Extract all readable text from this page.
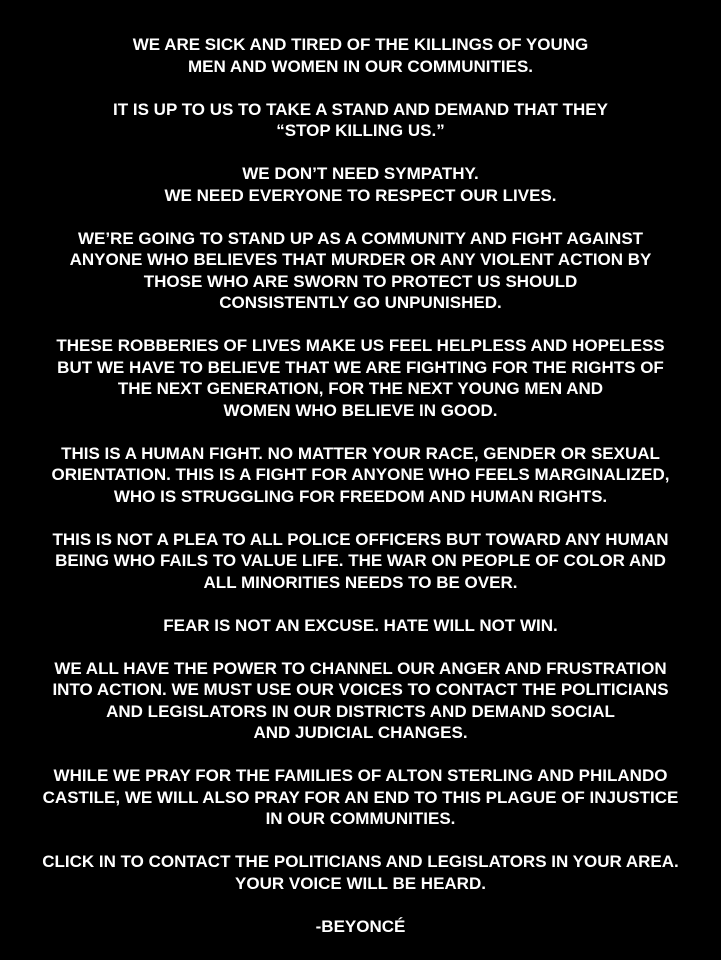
WE ARE SICK AND TIRED OF THE KILLINGS OF YOUNG
MEN AND WOMEN IN OUR COMMUNITIES.
IT IS UP TO US TO TAKE A STAND AND DEMAND THAT THEY
“STOP KILLING US.”
WE DON’T NEED SYMPATHY.
WE NEED EVERYONE TO RESPECT OUR LIVES.
WE’RE GOING TO STAND UP AS A COMMUNITY AND FIGHT AGAINST
ANYONE WHO BELIEVES THAT MURDER OR ANY VIOLENT ACTION BY
THOSE WHO ARE SWORN TO PROTECT US SHOULD
CONSISTENTLY GO UNPUNISHED.
THESE ROBBERIES OF LIVES MAKE US FEEL HELPLESS AND HOPELESS
BUT WE HAVE TO BELIEVE THAT WE ARE FIGHTING FOR THE RIGHTS OF
THE NEXT GENERATION, FOR THE NEXT YOUNG MEN AND
WOMEN WHO BELIEVE IN GOOD.
THIS IS A HUMAN FIGHT. NO MATTER YOUR RACE, GENDER OR SEXUAL
ORIENTATION. THIS IS A FIGHT FOR ANYONE WHO FEELS MARGINALIZED,
WHO IS STRUGGLING FOR FREEDOM AND HUMAN RIGHTS.
THIS IS NOT A PLEA TO ALL POLICE OFFICERS BUT TOWARD ANY HUMAN
BEING WHO FAILS TO VALUE LIFE. THE WAR ON PEOPLE OF COLOR AND
ALL MINORITIES NEEDS TO BE OVER.
FEAR IS NOT AN EXCUSE. HATE WILL NOT WIN.
WE ALL HAVE THE POWER TO CHANNEL OUR ANGER AND FRUSTRATION
INTO ACTION. WE MUST USE OUR VOICES TO CONTACT THE POLITICIANS
AND LEGISLATORS IN OUR DISTRICTS AND DEMAND SOCIAL
AND JUDICIAL CHANGES.
WHILE WE PRAY FOR THE FAMILIES OF ALTON STERLING AND PHILANDO
CASTILE, WE WILL ALSO PRAY FOR AN END TO THIS PLAGUE OF INJUSTICE
IN OUR COMMUNITIES.
CLICK IN TO CONTACT THE POLITICIANS AND LEGISLATORS IN YOUR AREA.
YOUR VOICE WILL BE HEARD.
-BEYONCÉ
